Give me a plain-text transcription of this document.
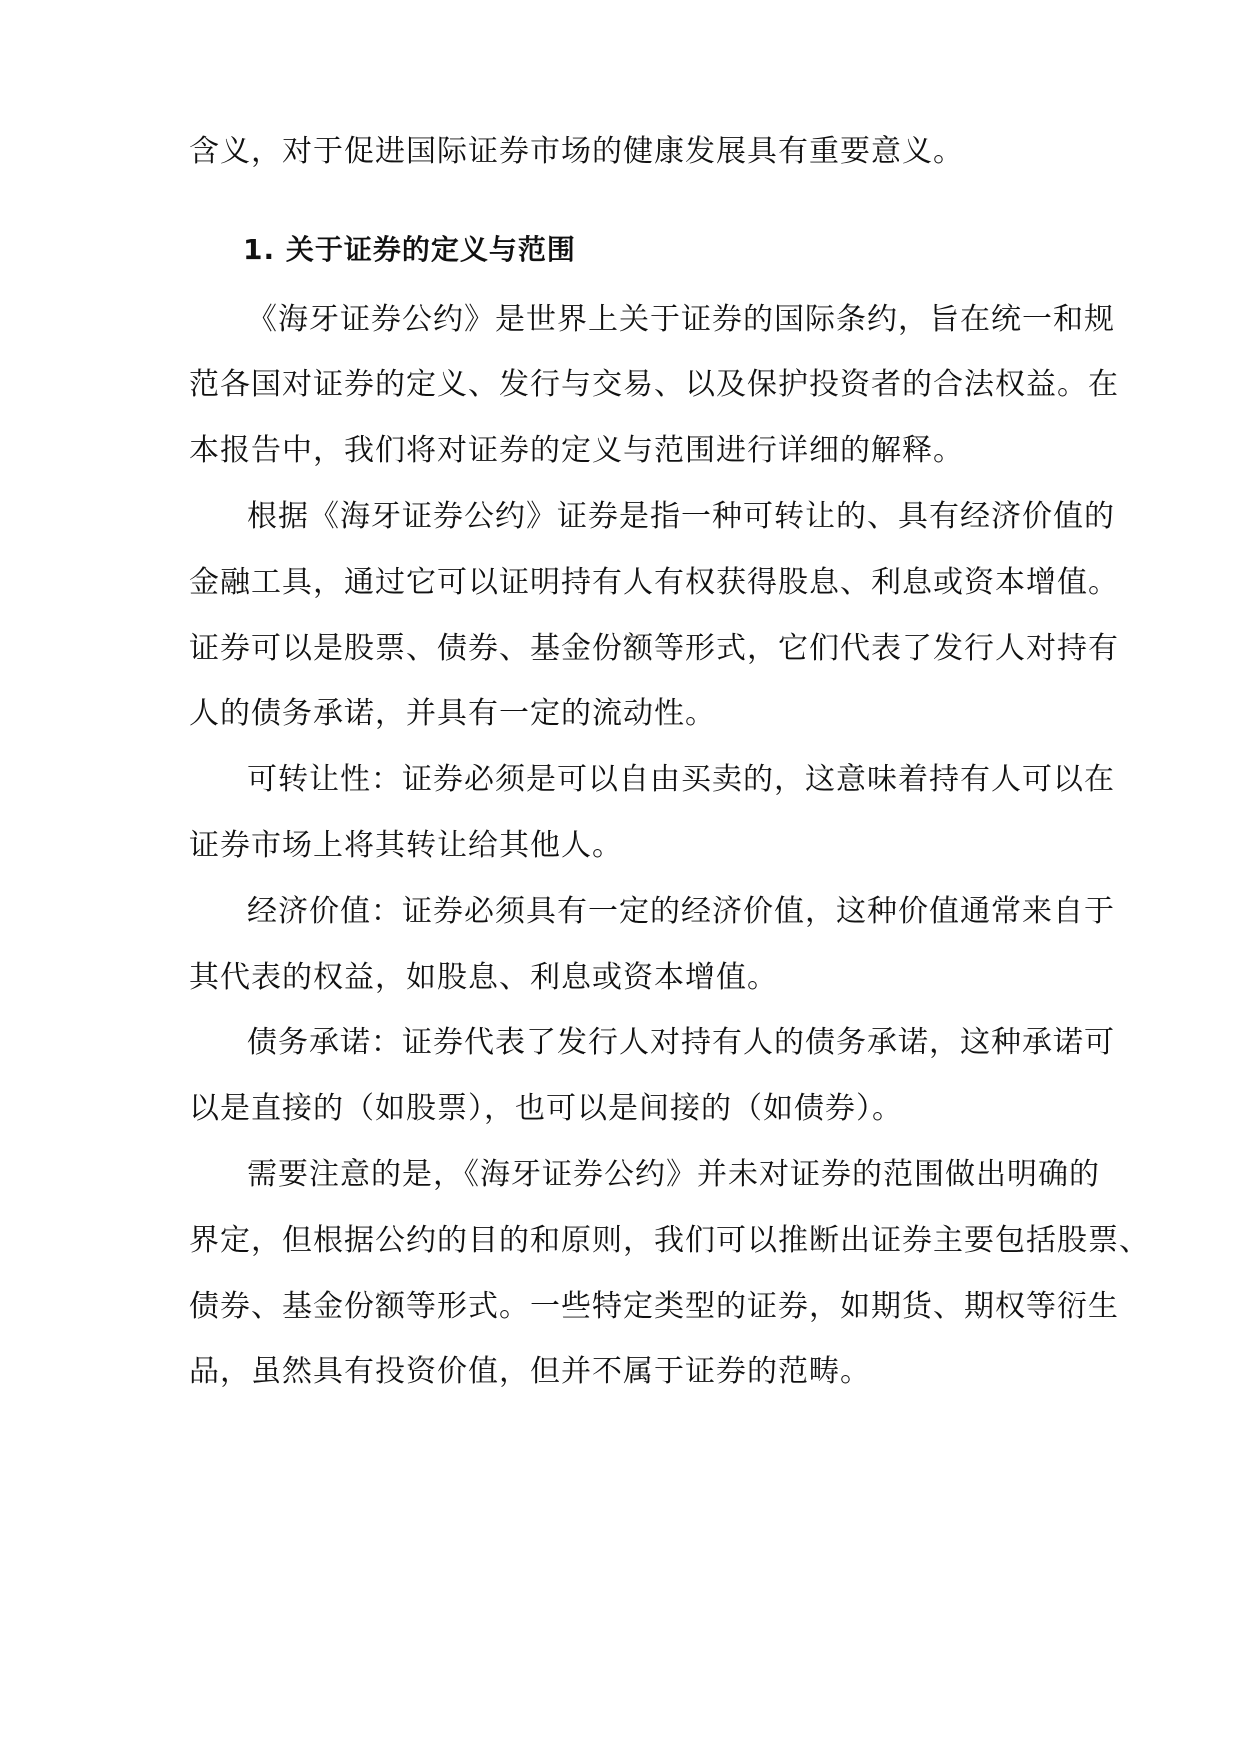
含义，对于促进国际证券市场的健康发展具有重要意义。
1. 关于证券的定义与范围
《海牙证券公约》是世界上关于证券的国际条约，旨在统一和规
范各国对证券的定义、发行与交易、以及保护投资者的合法权益。在
本报告中，我们将对证券的定义与范围进行详细的解释。
根据《海牙证券公约》证券是指一种可转让的、具有经济价值的
金融工具，通过它可以证明持有人有权获得股息、利息或资本增值。
证券可以是股票、债券、基金份额等形式，它们代表了发行人对持有
人的债务承诺，并具有一定的流动性。
可转让性：证券必须是可以自由买卖的，这意味着持有人可以在
证券市场上将其转让给其他人。
经济价值：证券必须具有一定的经济价值，这种价值通常来自于
其代表的权益，如股息、利息或资本增值。
债务承诺：证券代表了发行人对持有人的债务承诺，这种承诺可
以是直接的（如股票），也可以是间接的（如债券）。
需要注意的是，《海牙证券公约》并未对证券的范围做出明确的
界定，但根据公约的目的和原则，我们可以推断出证券主要包括股票、
债券、基金份额等形式。一些特定类型的证券，如期货、期权等衍生
品，虽然具有投资价值，但并不属于证券的范畴。
